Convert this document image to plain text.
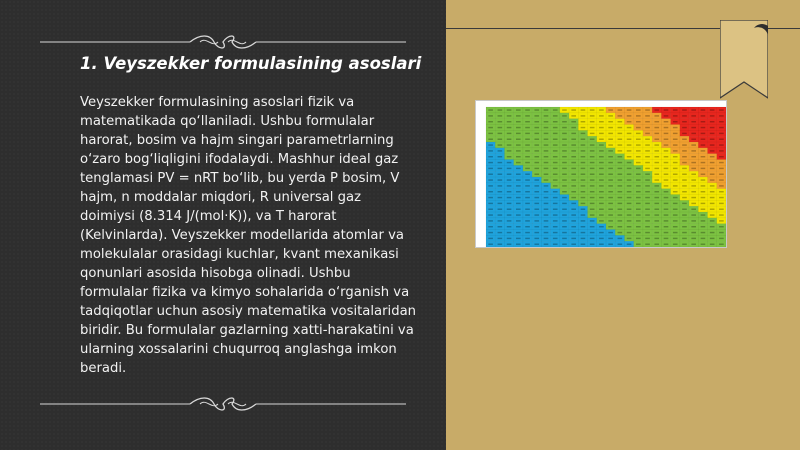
1. Veyszekker formulasining asoslari

Veyszekker formulasining asoslari fizik va matematikada qo‘llaniladi. Ushbu formulalar harorat, bosim va hajm singari parametrlarning o‘zaro bog‘liqligini ifodalaydi. Mashhur ideal gaz tenglamasi PV = nRT bo‘lib, bu yerda P bosim, V hajm, n moddalar miqdori, R universal gaz doimiysi (8.314 J/(mol·K)), va T harorat (Kelvinlarda). Veyszekker modellarida atomlar va molekulalar orasidagi kuchlar, kvant mexanikasi qonunlari asosida hisobga olinadi. Ushbu formulalar fizika va kimyo sohalarida o‘rganish va tadqiqotlar uchun asosiy matematika vositalaridan biridir. Bu formulalar gazlarning xatti-harakatini va ularning xossalarini chuqurroq anglashga imkon beradi.
